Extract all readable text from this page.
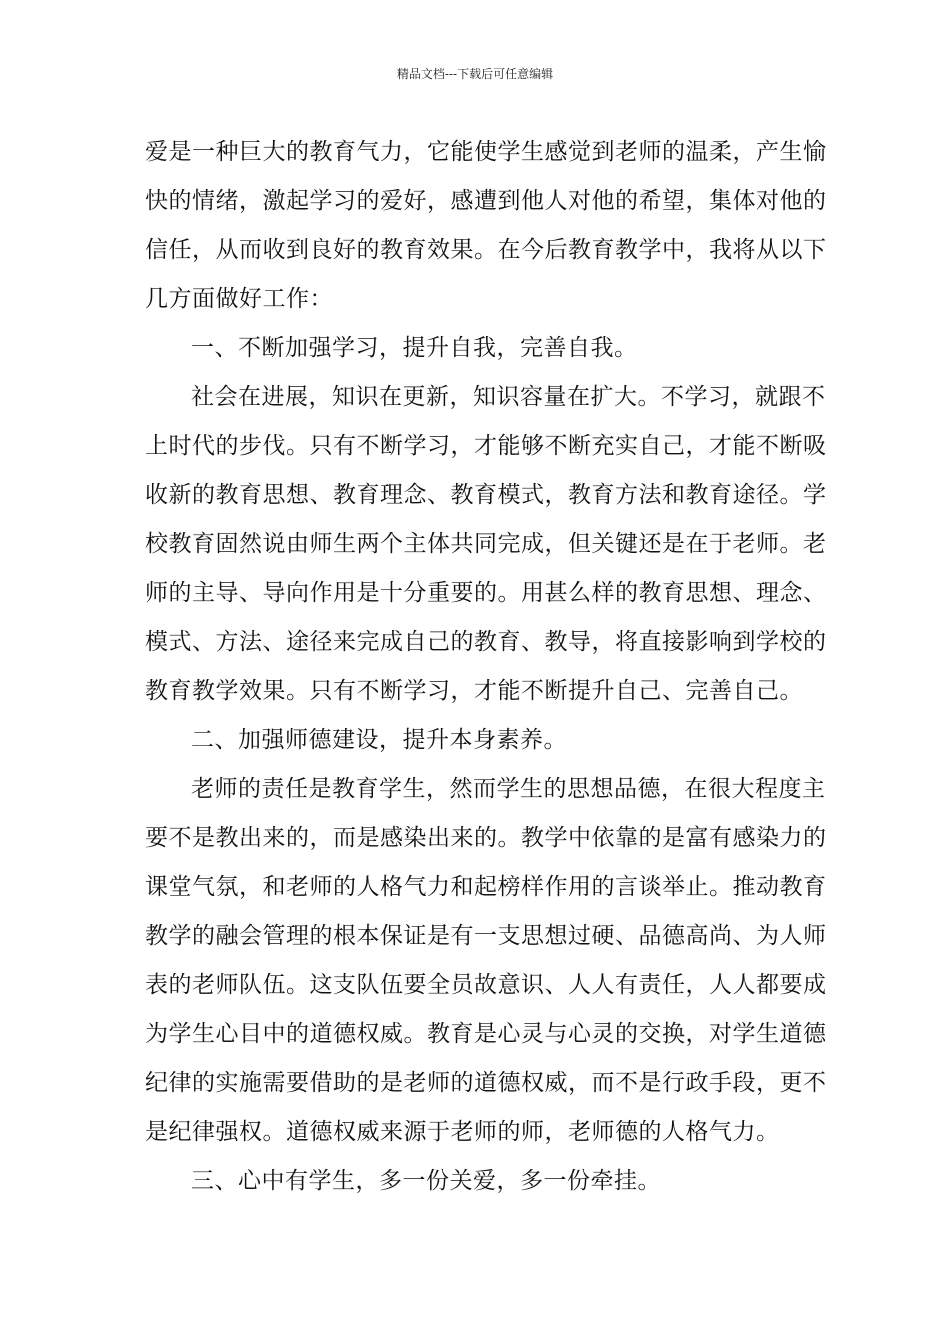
精品文档---下载后可任意编辑
爱是一种巨大的教育气力，它能使学生感觉到老师的温柔，产生愉
快的情绪，激起学习的爱好，感遭到他人对他的希望，集体对他的
信任，从而收到良好的教育效果。在今后教育教学中，我将从以下
几方面做好工作：
一、不断加强学习，提升自我，完善自我。
社会在进展，知识在更新，知识容量在扩大。不学习，就跟不
上时代的步伐。只有不断学习，才能够不断充实自己，才能不断吸
收新的教育思想、教育理念、教育模式，教育方法和教育途径。学
校教育固然说由师生两个主体共同完成，但关键还是在于老师。老
师的主导、导向作用是十分重要的。用甚么样的教育思想、理念、
模式、方法、途径来完成自己的教育、教导，将直接影响到学校的
教育教学效果。只有不断学习，才能不断提升自己、完善自己。
二、加强师德建设，提升本身素养。
老师的责任是教育学生，然而学生的思想品德，在很大程度主
要不是教出来的，而是感染出来的。教学中依靠的是富有感染力的
课堂气氛，和老师的人格气力和起榜样作用的言谈举止。推动教育
教学的融会管理的根本保证是有一支思想过硬、品德高尚、为人师
表的老师队伍。这支队伍要全员故意识、人人有责任，人人都要成
为学生心目中的道德权威。教育是心灵与心灵的交换，对学生道德
纪律的实施需要借助的是老师的道德权威，而不是行政手段，更不
是纪律强权。道德权威来源于老师的师，老师德的人格气力。
三、心中有学生，多一份关爱，多一份牵挂。
